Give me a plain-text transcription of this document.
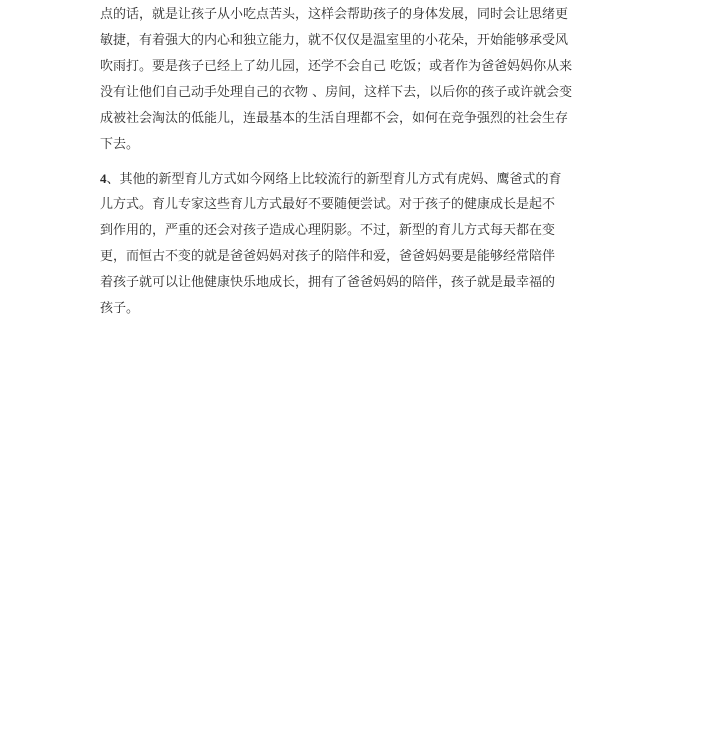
点的话，就是让孩子从小吃点苦头，这样会帮助孩子的身体发展，同时会让思绪更
敏捷，有着强大的内心和独立能力，就不仅仅是温室里的小花朵，开始能够承受风
吹雨打。要是孩子已经上了幼儿园，还学不会自己 吃饭；或者作为爸爸妈妈你从来
没有让他们自己动手处理自己的衣物 、房间，这样下去，以后你的孩子或许就会变
成被社会淘汰的低能儿，连最基本的生活自理都不会，如何在竞争强烈的社会生存
下去。
4、其他的新型育儿方式如今网络上比较流行的新型育儿方式有虎妈、鹰爸式的育
儿方式。育儿专家这些育儿方式最好不要随便尝试。对于孩子的健康成长是起不
到作用的，严重的还会对孩子造成心理阴影。不过，新型的育儿方式每天都在变
更，而恒古不变的就是爸爸妈妈对孩子的陪伴和爱，爸爸妈妈要是能够经常陪伴
着孩子就可以让他健康快乐地成长，拥有了爸爸妈妈的陪伴，孩子就是最幸福的
孩子。
